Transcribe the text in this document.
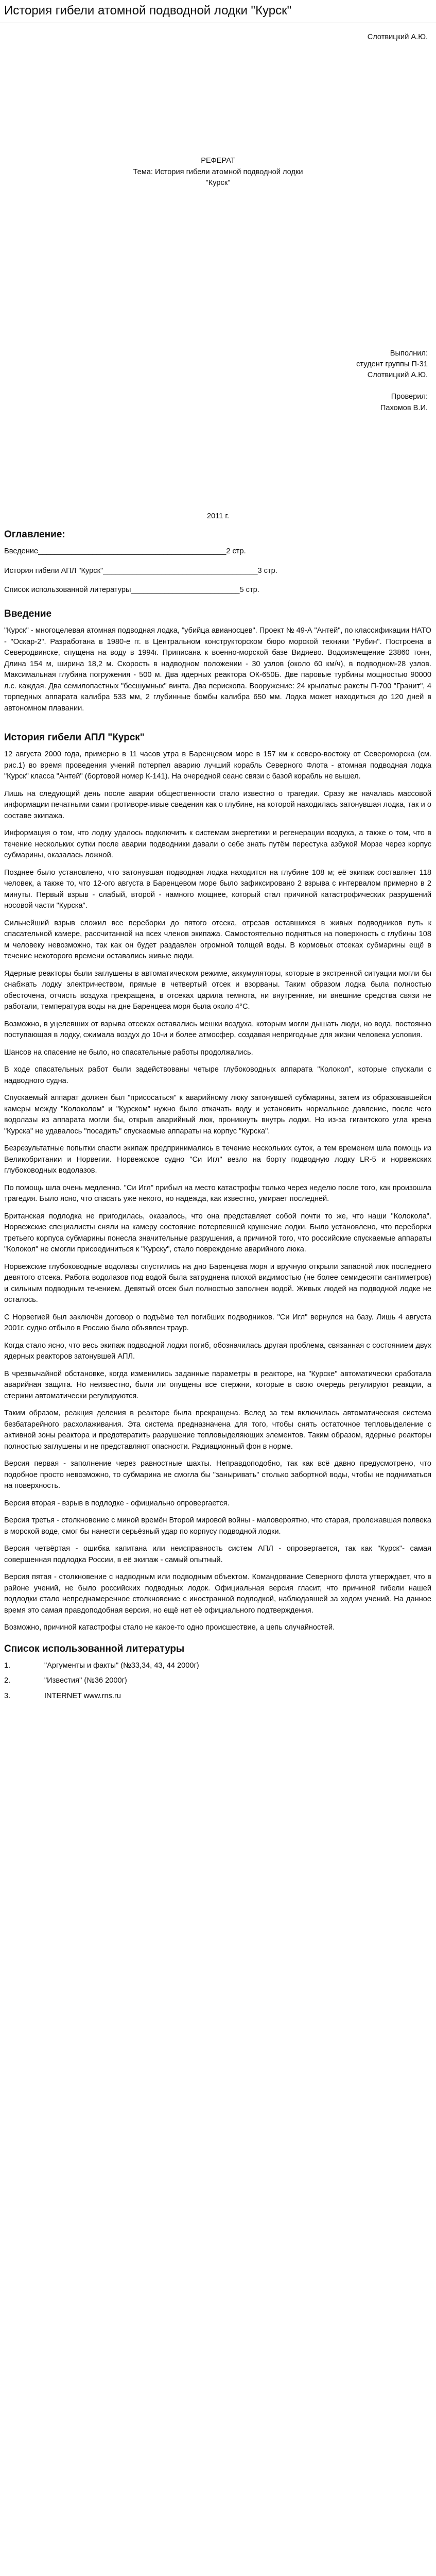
История гибели атомной подводной лодки "Курск"
Слотвицкий А.Ю.
РЕФЕРАТ
Тема: История гибели атомной подводной лодки
"Курск"
Выполнил:
студент группы П-31
Слотвицкий А.Ю.
Проверил:
Пахомов В.И.
2011 г.
Оглавление:
Введение_____________________________________________2 стр.
История гибели АПЛ "Курск"_____________________________________3 стр.
Список использованной литературы__________________________5 стр.
Введение

"Курск" - многоцелевая атомная подводная лодка, "убийца авианосцев". Проект № 49-А "Антей", по классификации НАТО - "Оскар-2". Разработана в 1980-е гг. в Центральном конструкторском бюро морской техники "Рубин". Построена в Северодвинске, спущена на воду в 1994г. Приписана к военно-морской базе Видяево. Водоизмещение 23860 тонн, Длина 154 м, ширина 18,2 м. Скорость в надводном положении - 30 узлов (около 60 км/ч), в подводном-28 узлов. Максимальная глубина погружения - 500 м. Два ядерных реактора ОК-650Б. Две паровые турбины мощностью 90000 л.с. каждая. Два семилопастных "бесшумных" винта. Два перископа. Вооружение: 24 крылатые ракеты П-700 "Гранит", 4 торпедных аппарата калибра 533 мм, 2 глубинные бомбы калибра 650 мм. Лодка может находиться до 120 дней в автономном плавании.

История гибели АПЛ "Курск"

12 августа 2000 года, примерно в 11 часов утра в Баренцевом море в 157 км к северо-востоку от Североморска (см. рис.1) во время проведения учений потерпел аварию лучший корабль Северного Флота - атомная подводная лодка "Курск" класса "Антей" (бортовой номер К-141). На очередной сеанс связи с базой корабль не вышел.

Лишь на следующий день после аварии общественности стало известно о трагедии. Сразу же началась массовой информации печатными сами противоречивые сведения как о глубине, на которой находилась затонувшая лодка, так и о составе экипажа.

Информация о том, что лодку удалось подключить к системам энергетики и регенерации воздуха, а также о том, что в течение нескольких сутки после аварии подводники давали о себе знать путём перестука азбукой Морзе через корпус субмарины, оказалась ложной.

Позднее было установлено, что затонувшая подводная лодка находится на глубине 108 м; её экипаж составляет 118 человек, а также то, что 12-ого августа в Баренцевом море было зафиксировано 2 взрыва с интервалом примерно в 2 минуты. Первый взрыв - слабый, второй - намного мощнее, который стал причиной катастрофических разрушений носовой части "Курска".

Сильнейший взрыв сложил все переборки до пятого отсека, отрезав оставшихся в живых подводников путь к спасательной камере, рассчитанной на всех членов экипажа. Самостоятельно подняться на поверхность с глубины 108 м человеку невозможно, так как он будет раздавлен огромной толщей воды. В кормовых отсеках субмарины ещё в течение некоторого времени оставались живые люди.

Ядерные реакторы были заглушены в автоматическом режиме, аккумуляторы, которые в экстренной ситуации могли бы снабжать лодку электричеством, прямые в четвертый отсек и взорваны. Таким образом лодка была полностью обесточена, отчисть воздуха прекращена, в отсеках царила темнота, ни внутренние, ни внешние средства связи не работали, температура воды на дне Баренцева моря была около 4°С.

Возможно, в уцелевших от взрыва отсеках оставались мешки воздуха, которым могли дышать люди, но вода, постоянно поступающая в лодку, сжимала воздух до 10-и и более атмосфер, создавая непригодные для жизни человека условия.

Шансов на спасение не было, но спасательные работы продолжались.

В ходе спасательных работ были задействованы четыре глубоководных аппарата "Колокол", которые спускали с надводного судна.

Спускаемый аппарат должен был "присосаться" к аварийному люку затонувшей субмарины, затем из образовавшейся камеры между "Колоколом" и "Курском" нужно было откачать воду и установить нормальное давление, после чего водолазы из аппарата могли бы, открыв аварийный люк, проникнуть внутрь лодки. Но из-за гигантского угла крена "Курска" не удавалось "посадить" спускаемые аппараты на корпус "Курска".

Безрезультатные попытки спасти экипаж предпринимались в течение нескольких суток, а тем временем шла помощь из Великобритании и Норвегии. Норвежское судно "Си Игл" везло на борту подводную лодку LR-5 и норвежских глубоководных водолазов.

По помощь шла очень медленно. "Си Игл" прибыл на место катастрофы только через неделю после того, как произошла трагедия. Было ясно, что спасать уже некого, но надежда, как известно, умирает последней.

Британская подлодка не пригодилась, оказалось, что она представляет собой почти то же, что наши "Колокола". Норвежские специалисты сняли на камеру состояние потерпевшей крушение лодки. Было установлено, что переборки третьего корпуса субмарины понесла значительные разрушения, а причиной того, что российские спускаемые аппараты "Колокол" не смогли присоединиться к "Курску", стало повреждение аварийного люка.

Норвежские глубоководные водолазы спустились на дно Баренцева моря и вручную открыли запасной люк последнего девятого отсека. Работа водолазов под водой была затруднена плохой видимостью (не более семидесяти сантиметров) и сильным подводным течением. Девятый отсек был полностью заполнен водой. Живых людей на подводной лодке не осталось.

С Норвегией был заключён договор о подъёме тел погибших подводников. "Си Игл" вернулся на базу. Лишь 4 августа 2001г. судно отбыло в Россию было объявлен траур.

Когда стало ясно, что весь экипаж подводной лодки погиб, обозначилась другая проблема, связанная с состоянием двух ядерных реакторов затонувшей АПЛ.

В чрезвычайной обстановке, когда изменились заданные параметры в реакторе, на "Курске" автоматически сработала аварийная защита. Но неизвестно, были ли опущены все стержни, которые в свою очередь регулируют реакции, а стержни автоматически регулируются.

Таким образом, реакция деления в реакторе была прекращена. Вслед за тем включилась автоматическая система безбатарейного расхолаживания. Эта система предназначена для того, чтобы снять остаточное тепловыделение с активной зоны реактора и предотвратить разрушение тепловыделяющих элементов. Таким образом, ядерные реакторы полностью заглушены и не представляют опасности. Радиационный фон в норме.

Версия первая - заполнение через равностные шахты. Неправдоподобно, так как всё давно предусмотрено, что подобное просто невозможно, то субмарина не смогла бы "заныривать" столько забортной воды, чтобы не подниматься на поверхность.

Версия вторая - взрыв в подлодке - официально опровергается.

Версия третья - столкновение с миной времён Второй мировой войны - маловероятно, что старая, пролежавшая полвека в морской воде, смог бы нанести серьёзный удар по корпусу подводной лодки.

Версия четвёртая - ошибка капитана или неисправность систем АПЛ - опровергается, так как "Курск"- самая совершенная подлодка России, в её экипаж - самый опытный.

Версия пятая - столкновение с надводным или подводным объектом. Командование Северного флота утверждает, что в районе учений, не было российских подводных лодок. Официальная версия гласит, что причиной гибели нашей подлодки стало непреднамеренное столкновение с иностранной подлодкой, наблюдавшей за ходом учений. На данное время это самая правдоподобная версия, но ещё нет её официального подтверждения.

Возможно, причиной катастрофы стало не какое-то одно происшествие, а цепь случайностей.

Список использованной литературы
1.	"Аргументы и факты" (№33,34, 43, 44 2000г)
2.	"Известия" (№36 2000г)
3.	INTERNET www.rns.ru
